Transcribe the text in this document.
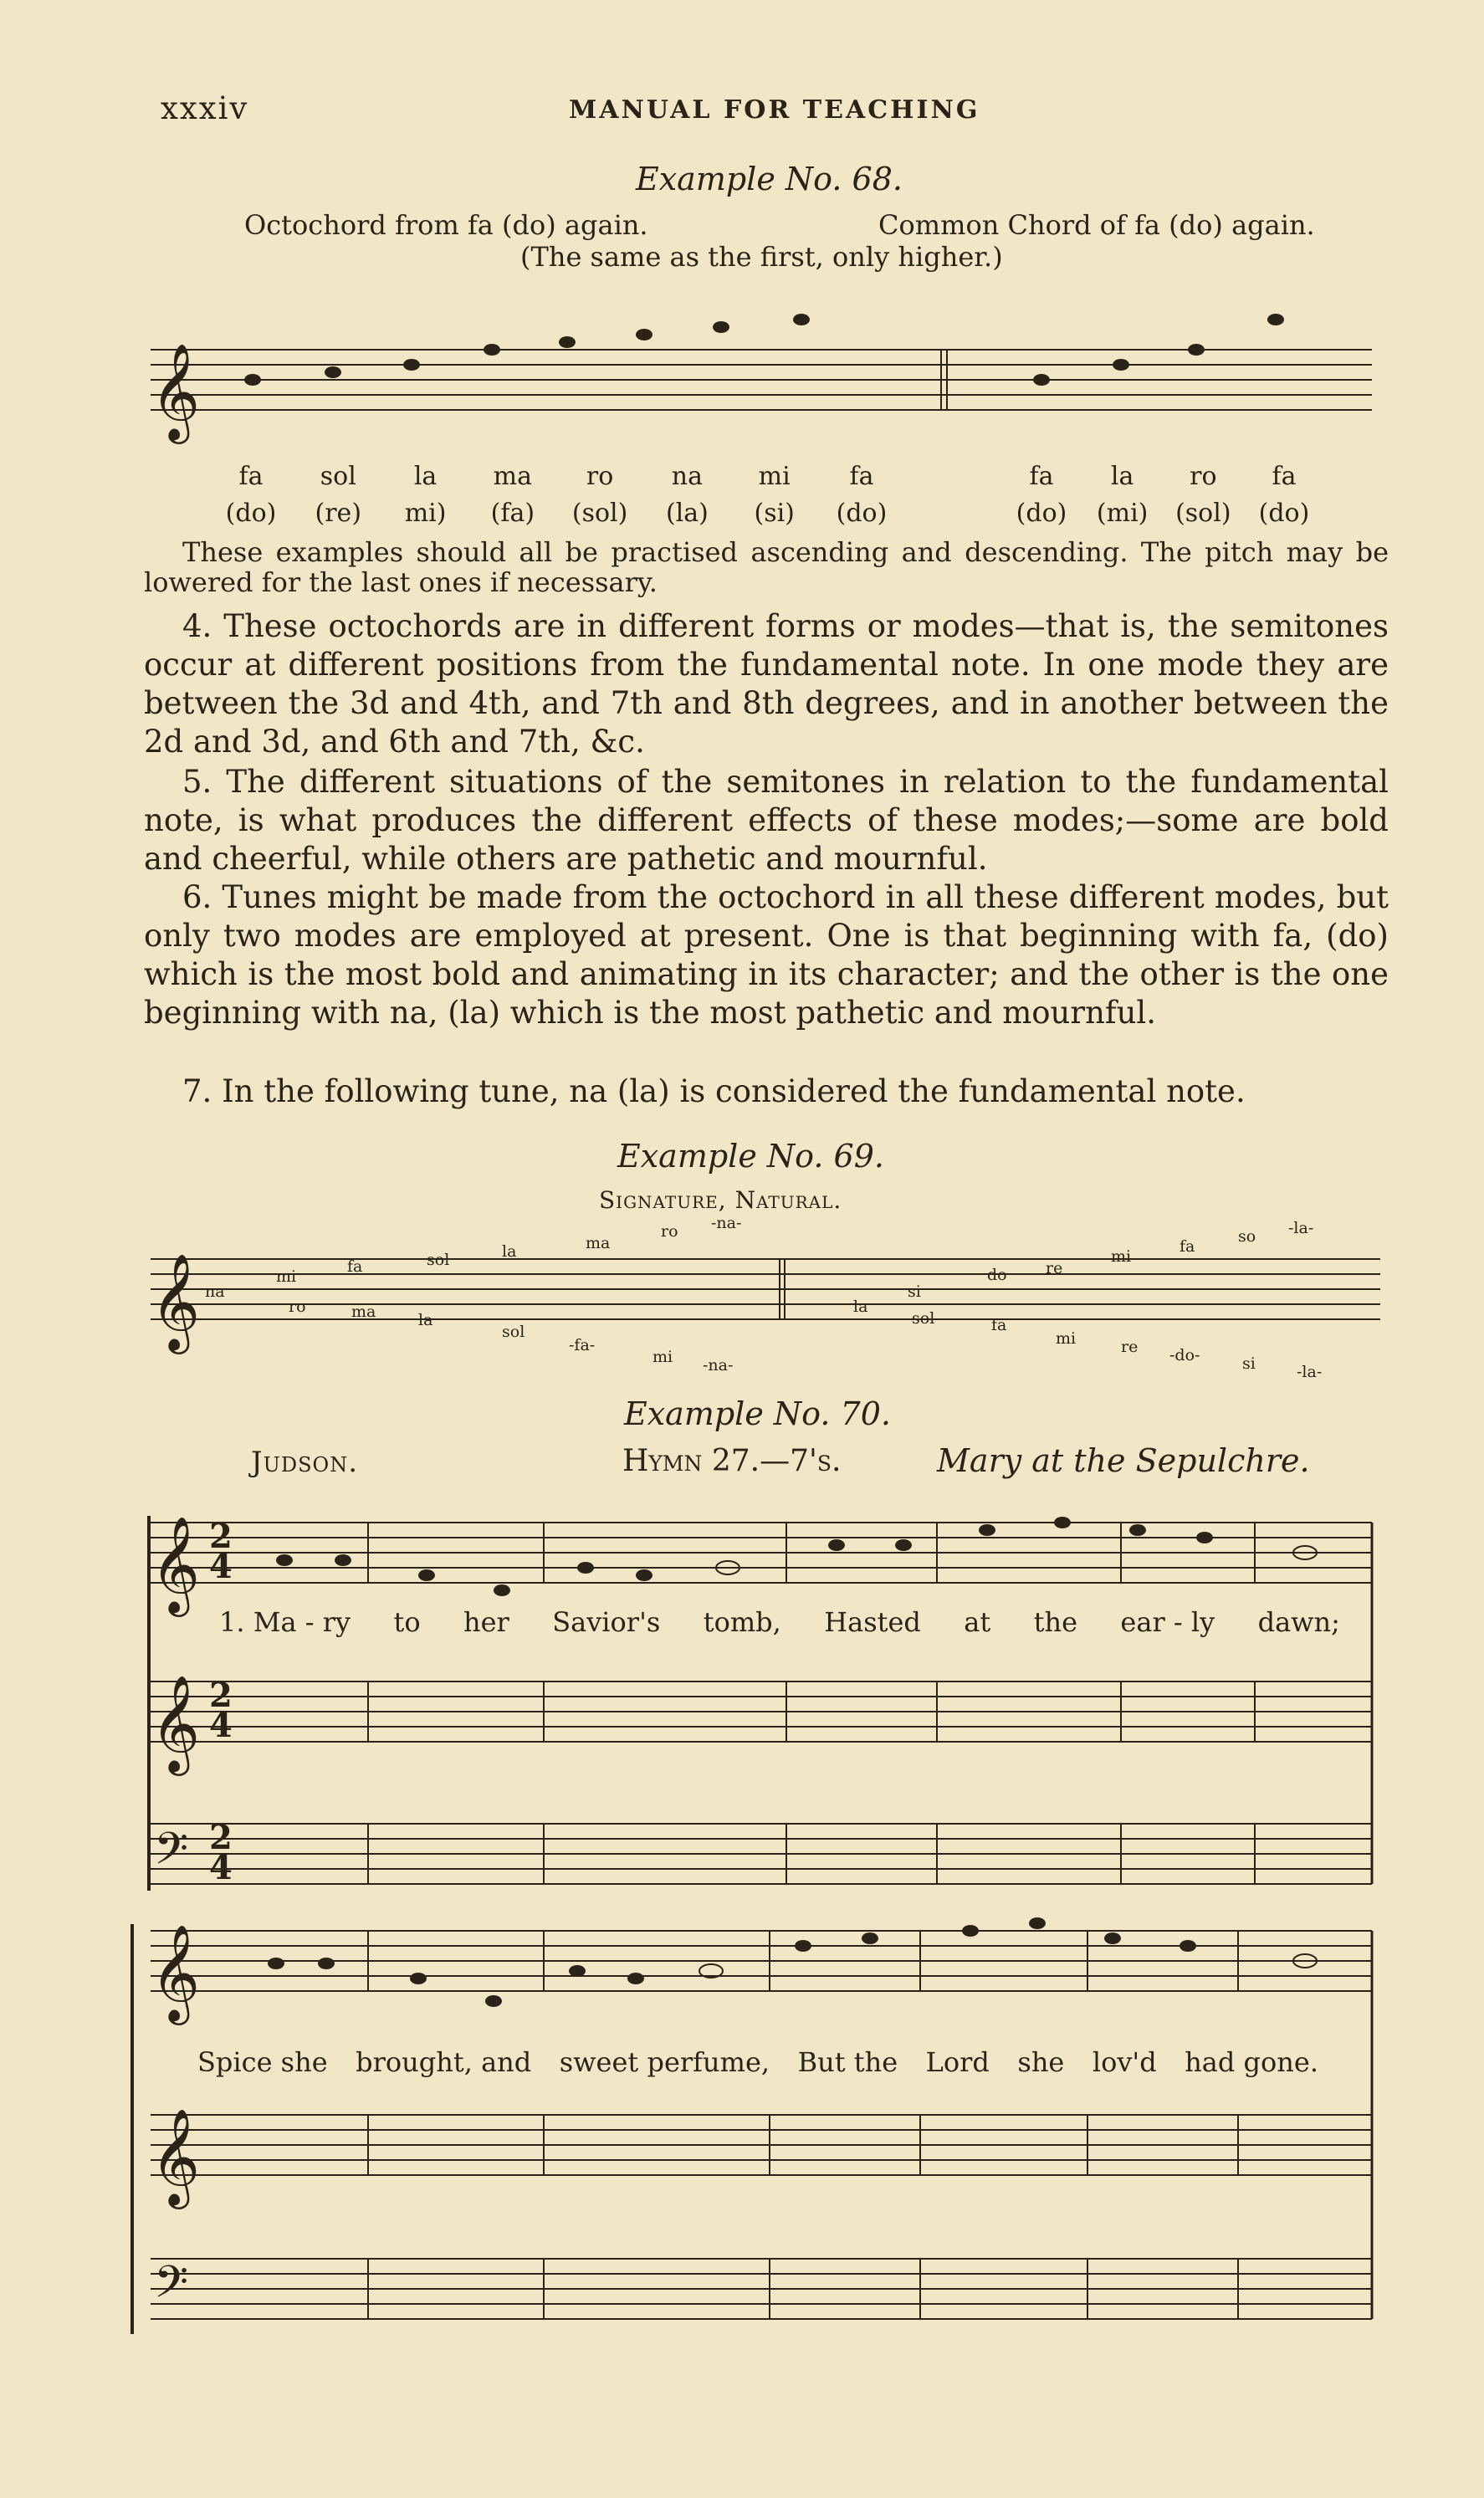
xxxiv	MANUAL FOR TEACHING
Example No. 68.
Octochord from fa (do) again.
(The same as the first, only higher.)
Common Chord of fa (do) again.
𝄞
𝄞
𝄞
𝄞
𝄢
𝄞
𝄞
𝄢
2
4
2
4
2
4
fa	sol	la	ma	ro	na	mi	fa
(do)	(re)	mi)	(fa)	(sol)	(la)	(si)	(do)
fa	la	ro	fa
(do)	(mi)	(sol)	(do)
These examples should all be practised ascending and descending. The pitch may be lowered for the last ones if necessary.
4. These octochords are in different forms or modes—that is, the semitones occur at different positions from the fundamental note. In one mode they are between the 3d and 4th, and 7th and 8th degrees, and in another between the 2d and 3d, and 6th and 7th, &c.
5. The different situations of the semitones in relation to the fundamental note, is what produces the different effects of these modes;—some are bold and cheerful, while others are pathetic and mournful.
6. Tunes might be made from the octochord in all these different modes, but only two modes are employed at present. One is that beginning with fa, (do) which is the most bold and animating in its character; and the other is the one beginning with na, (la) which is the most pathetic and mournful.
7. In the following tune, na (la) is considered the fundamental note.
Example No. 69.
Signature, Natural.
na
mi
ro
fa
ma
sol
la
la
sol
ma
ro -na-
-fa-
mi -na-
la
si
sol
do
fa
re
mi
mi
re -do-
fa
so
si
-la-
-la-
Example No. 70.
Judson.	Hymn 27.—7's.	Mary at the Sepulchre.
1. Ma - ry to her Savior's tomb, Hasted at the ear - ly dawn;
Spice she brought, and sweet perfume, But the Lord she lov'd had gone.
